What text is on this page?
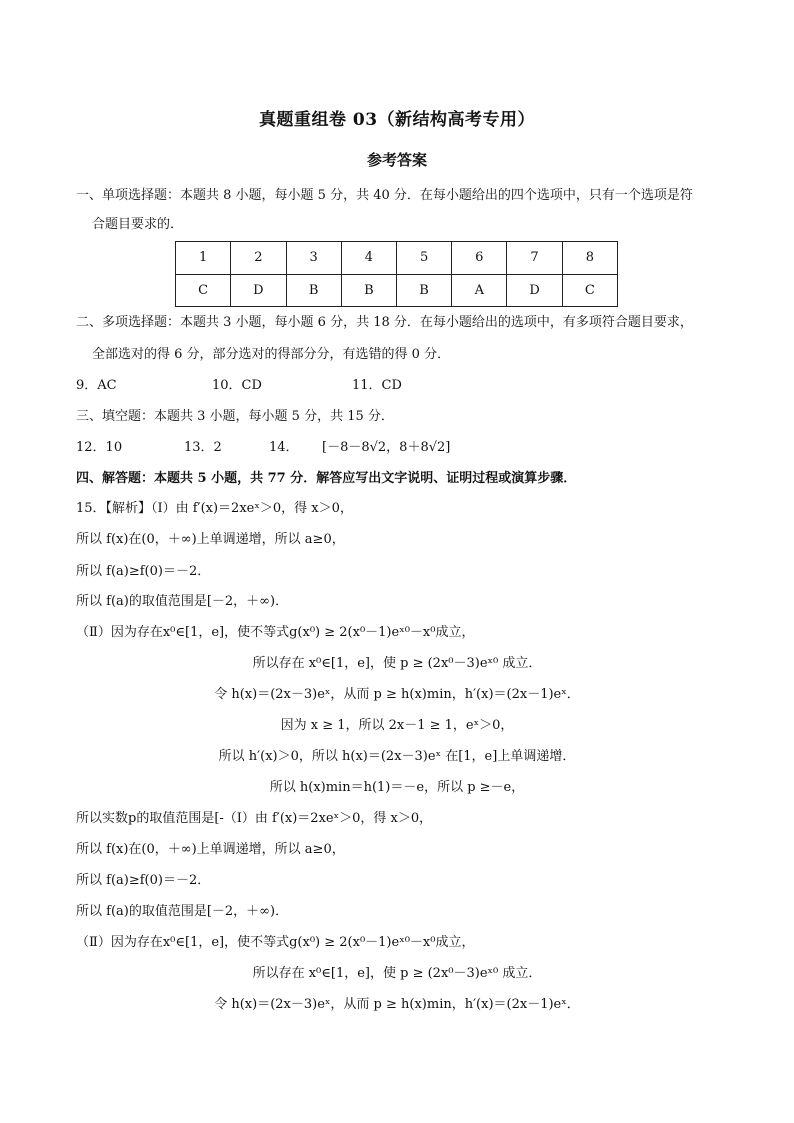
真题重组卷 03（新结构高考专用）
参考答案
一、单项选择题：本题共 8 小题，每小题 5 分，共 40 分．在每小题给出的四个选项中，只有一个选项是符
合题目要求的．
1	2	3	4	5	6	7	8
C	D	B	B	B	A	D	C
二、多项选择题：本题共 3 小题，每小题 6 分，共 18 分．在每小题给出的选项中，有多项符合题目要求，
全部选对的得 6 分，部分选对的得部分分，有选错的得 0 分．
9．AC	10．CD	11．CD
三、填空题：本题共 3 小题，每小题 5 分，共 15 分．
12．10	13．2	14． [－8－8√2，8＋8√2]
四、解答题：本题共 5 小题，共 77 分．解答应写出文字说明、证明过程或演算步骤．
15．【解析】（Ⅰ）由 f′(x)＝2xeˣ＞0，得 x＞0，
所以 f(x)在(0，＋∞)上单调递增，所以 a≥0，
所以 f(a)≥f(0)＝－2．
所以 f(a)的取值范围是[－2，＋∞)．
（Ⅱ）因为存在x⁰∈[1，e]，使不等式g(x⁰) ≥ 2(x⁰－1)eˣ⁰－x⁰成立，
所以存在 x⁰∈[1，e]，使 p ≥ (2x⁰－3)eˣ⁰ 成立．
令 h(x)＝(2x－3)eˣ，从而 p ≥ h(x)min，h′(x)＝(2x－1)eˣ．
因为 x ≥ 1，所以 2x－1 ≥ 1，eˣ＞0，
所以 h′(x)＞0，所以 h(x)＝(2x－3)eˣ 在[1，e]上单调递增．
所以 h(x)min＝h(1)＝－e，所以 p ≥－e，
所以实数p的取值范围是[-（Ⅰ）由 f′(x)＝2xeˣ＞0，得 x＞0，
所以 f(x)在(0，＋∞)上单调递增，所以 a≥0，
所以 f(a)≥f(0)＝－2．
所以 f(a)的取值范围是[－2，＋∞)．
（Ⅱ）因为存在x⁰∈[1，e]，使不等式g(x⁰) ≥ 2(x⁰－1)eˣ⁰－x⁰成立，
所以存在 x⁰∈[1，e]，使 p ≥ (2x⁰－3)eˣ⁰ 成立．
令 h(x)＝(2x－3)eˣ，从而 p ≥ h(x)min，h′(x)＝(2x－1)eˣ．
